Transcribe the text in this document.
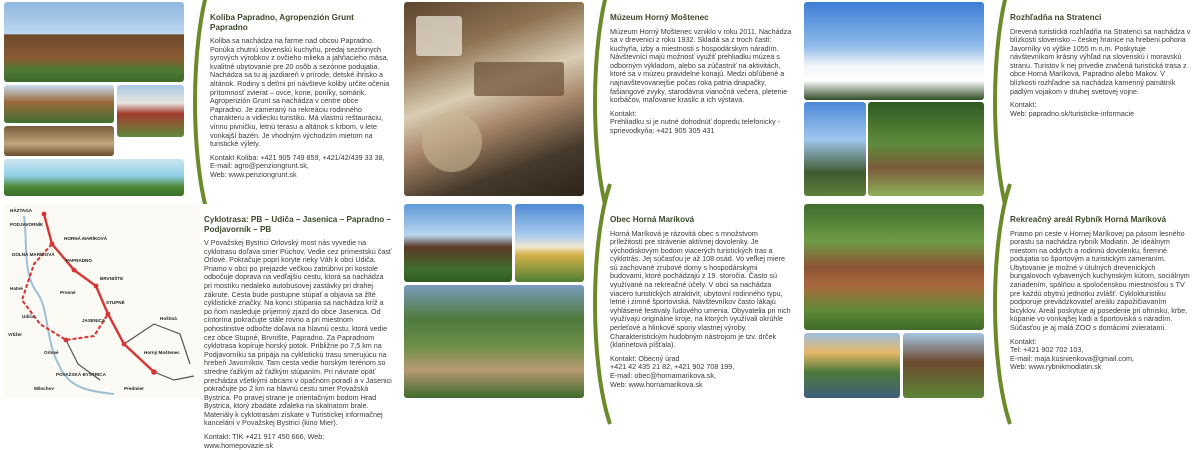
Koliba Papradno, Agropenzión Grunt Papradno

Koliba sa nachádza na farme nad obcou Papradno. Ponúka chutnú slovenskú kuchyňu, predaj sezónnych syrových výrobkov z ovčieho mlieka a jahňacieho mäsa, kvalitné ubytovanie pre 20 osôb a sezónne podujatia. Nachádza sa tu aj jazdiareň v prírode, detské ihrisko a altánok. Rodiny s deťmi pri návšteve koliby určite očenia prítomnosť zvierat – ovce, kone, poníky, somárik. Agropenzión Grunt sa nachádza v centre obce Papradno. Je zameraný na rekreáciu rodinného charakteru a vidiecku turistiku. Má vlastnú reštauráciu, vínnu pivničku, letnú terasu a altánok s krbom, v lete vonkajší bazén. Je vhodným východzím mietom na turistické výlety.

Kontakt Koliba: +421 905 749 859, +421/42/439 33 38,
E-mail: agro@penziongrunt.sk,
Web: www.penziongrunt.sk
Múzeum Horný Moštenec

Múzeum Horný Moštenec vzniklo v roku 2011. Nachádza sa v drevenici z roku 1932. Skladá sa z troch častí: kuchyňa, izby a miestnosti s hospodárskym náradím. Návštevníci majú možnosť využiť prehliadku múzea s odborným výkladom, alebo sa zúčastniť na aktivitách, ktoré sa v múzeu pravidelne konajú. Medzi obľúbené a najnavštevovanejšie počas roka patria driapačky, fašiangové zvyky, starodávna vianočná večera, pletenie korbáčov, maľovanie kraslíc a ich výstava.

Kontakt:
Prehliadku si je nutné dohodnúť dopredu telefonicky - sprievodkyňa: +421 905 305 431
Rozhľadňa na Stratenci

Drevená turistická rozhľadňa na Stratenci sa nachádza v blízkosti slovensko – českej hranice na hrebeni pohoria Javorníky vo výške 1055 m n.m. Poskytuje návštevníkom krásny výhľad na slovenskú i moravskú stranu. Turistov k nej privedie značená turistická trasa z obce Horná Maríková, Papradno alebo Makov. V blízkosti rozhľadne sa nachádza kamenný pamätník padlým vojakom v druhej svetovej vojne.

Kontakt:
Web: papradno.sk/turisticke-informacie
HÁZTAGA
PODJAVORNÍK
HORNÁ MARÍKOVÁ
DOLNÁ MARÍKOVÁ
PAPRADNO
BRVNIŠTE
STUPNÉ
Hatné
Prosné
Udiča
JASENICA
Vrtižer
Hoštiná
Orlové
POVAŽSKÁ BYSTRICA
Milochov	Predmier
Horný Moštenec
Cyklotrasa: PB – Udiča – Jasenica – Papradno – Podjavorník – PB

V Považskej Bystrici Orlovský most nás vyvedie na cyklotrasu doľava smer Púchov. Vedie cez prímestskú časť Orlové. Pokračuje popri koryte rieky Váh k obci Udiča. Priamo v obci po prejazde večkou zatrúbnvi pri kostole odbočuje doprava na vedľajšiu cestu, ktorá sa nachádza pri mostíku nedaleko autobusovej zastávky pri drahej zákrute. Cesta bude postupne stúpať a objavia sa žlté cyklistické značky. Na konci stúpania sa nachádza kríž a po ňom nasleduje príjemný zjazd do obce Jasenica. Od cintorína pokračujte stále rovno a pri miestnom pohostinstve odbočte doľava na hlavnú cestu, ktorá vedie cez obce Stupné, Brvnište, Papradno. Za Papradnom cyklotrasa kopíruje horský potok. Približne po 7,5 km na Podjavorníku sa pripája na cyklistickú trasu smerujúcu na hrebeň Javorníkov. Tam cesta vedie horským terénom so strednе ťažkým až ťažkým stúpaním. Pri návrate opäť prechádza všetkými obcami v opačnom poradí a v Jasenici pokračujte po 2 km na hlavnú cestu smer Považská Bystrica. Po pravej strane je orientačným bodom Hrad Bystrica, ktorý zbadáte zďaleka na skalnatom brale. Materiály k cyklotrasám získate v Turistickej informačnej kancelárii v Považskej Bystrici (kino Mier).

Kontakt: TIK +421 917 450 666, Web: www.homepovazie.sk
Obec Horná Maríková

Horná Maríková je rázovitá obec s množstvom príležitostí pre strávenie aktívnej dovolenky. Je východiskovým bodom viacerých turistických tras a cyklotrás. Jej súčasťou je až 108 osád. Vo veľkej miere sú zachované zrubové domy s hospodárskymi budovami, ktoré pochádzajú z 19. storočia. Často sú využívané na rekreačné účely. V obci sa nachádza viacero turistických atraktivít, ubytovní rodinného typu, letné i zimné športoviská. Návštevníkov často lákajú vyhlásené festivaly ľudového umenia. Obyvatelia pri nich využívajú originálne kroje, na ktorých využívali okrúhle perleťové a hlinkové spony vlastnej výroby. Charakteristickým hudobným nástrojom je tzv. drček (klarinetová píšťala).

Kontakt: Obecný úrad
+421 42 435 21 82, +421 902 708 199,
E-mail: obec@hornamarikova.sk,
Web: www.hornamarikova.sk
Rekreačný areál Rybník Horná Maríková

Priamo pri ceste v Hornej Maríkovej pa pásom lesného porastu sa nachádza rybník Modiatin. Je ideálnym miestom na oddych a rodinnú dovolenku, firemné podujatia so športovým a turistickým zameraním. Ubytovanie je možné v útulných drevenických bungalovoch vybavených kuchynským kútom, sociálnym zariadením, spálňou a spoločenskou miestnosťou s TV pre každú obytnú jednotku zvlášť. Cyklokturistiku podporuje prevádzkovateľ areálu zapožičiavaním bicyklov. Areál poskytuje aj posedenie pri ohnisku, krbe, kúpanie vo vonkajšej kadi a športoviská s náradím. Súčasťou je aj malá ZOO s domácimi zvieratami.

Kontakt:
Tel: +421 902 702 103,
E-mail: maja.kusnierikova@gmail.com,
Web: www.rybnikmodiatin.sk
